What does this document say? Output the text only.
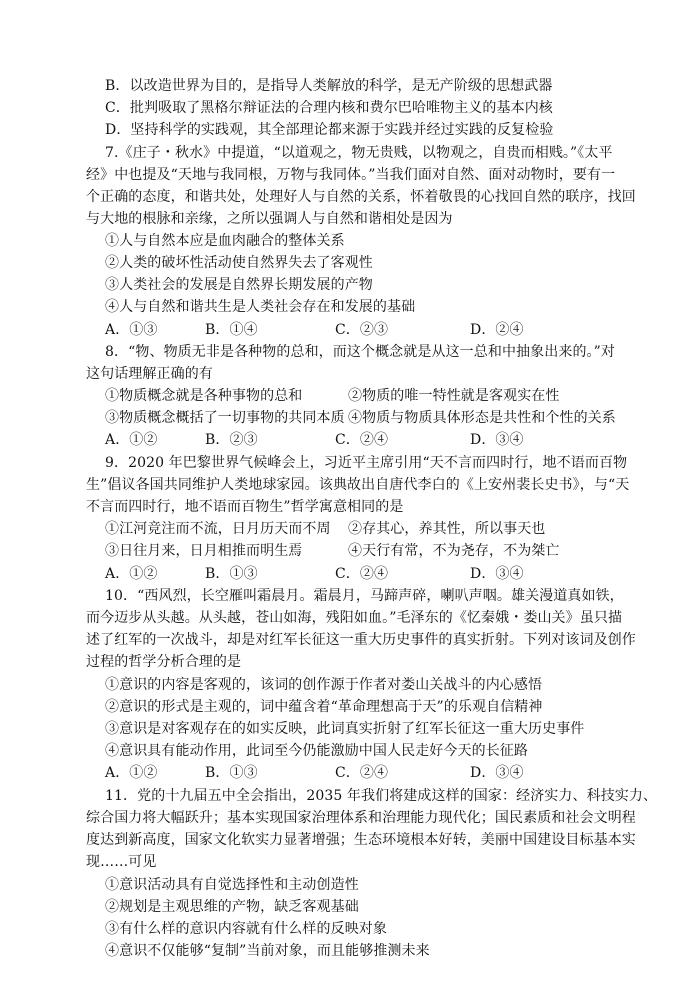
B．以改造世界为目的，是指导人类解放的科学，是无产阶级的思想武器
C．批判吸取了黑格尔辩证法的合理内核和费尔巴哈唯物主义的基本内核
D．坚持科学的实践观，其全部理论都来源于实践并经过实践的反复检验
7.《庄子・秋水》中提道，“以道观之，物无贵贱，以物观之，自贵而相贱。”《太平
经》中也提及“天地与我同根，万物与我同体。”当我们面对自然、面对动物时，要有一
个正确的态度，和谐共处，处理好人与自然的关系，怀着敬畏的心找回自然的联序，找回
与大地的根脉和亲缘，之所以强调人与自然和谐相处是因为
①人与自然本应是血肉融合的整体关系
②人类的破坏性活动使自然界失去了客观性
③人类社会的发展是自然界长期发展的产物
④人与自然和谐共生是人类社会存在和发展的基础
A．①③	B．①④	C．②③	D．②④
8．“物、物质无非是各种物的总和，而这个概念就是从这一总和中抽象出来的。”对
这句话理解正确的有
①物质概念就是各种事物的总和	②物质的唯一特性就是客观实在性
③物质概念概括了一切事物的共同本质 ④物质与物质具体形态是共性和个性的关系
A．①②	B．②③	C．②④	D．③④
9．2020 年巴黎世界气候峰会上，习近平主席引用“天不言而四时行，地不语而百物
生”倡议各国共同维护人类地球家园。该典故出自唐代李白的《上安州裴长史书》，与“天
不言而四时行，地不语而百物生”哲学寓意相同的是
①江河竞注而不流，日月历天而不周	②存其心，养其性，所以事天也
③日往月来，日月相推而明生焉	④天行有常，不为尧存，不为桀亡
A．①②	B．①③	C．②④	D．③④
10．“西风烈，长空雁叫霜晨月。霜晨月，马蹄声碎，喇叭声咽。雄关漫道真如铁，
而今迈步从头越。从头越，苍山如海，残阳如血。”毛泽东的《忆秦娥・娄山关》虽只描
述了红军的一次战斗，却是对红军长征这一重大历史事件的真实折射。下列对该词及创作
过程的哲学分析合理的是
①意识的内容是客观的，该词的创作源于作者对娄山关战斗的内心感悟
②意识的形式是主观的，词中蕴含着“革命理想高于天”的乐观自信精神
③意识是对客观存在的如实反映，此词真实折射了红军长征这一重大历史事件
④意识具有能动作用，此词至今仍能激励中国人民走好今天的长征路
A．①②	B．①③	C．②④	D．③④
11．党的十九届五中全会指出，2035 年我们将建成这样的国家：经济实力、科技实力、
综合国力将大幅跃升；基本实现国家治理体系和治理能力现代化；国民素质和社会文明程
度达到新高度，国家文化软实力显著增强；生态环境根本好转，美丽中国建设目标基本实
现……可见
①意识活动具有自觉选择性和主动创造性
②规划是主观思维的产物，缺乏客观基础
③有什么样的意识内容就有什么样的反映对象
④意识不仅能够“复制”当前对象，而且能够推测未来
